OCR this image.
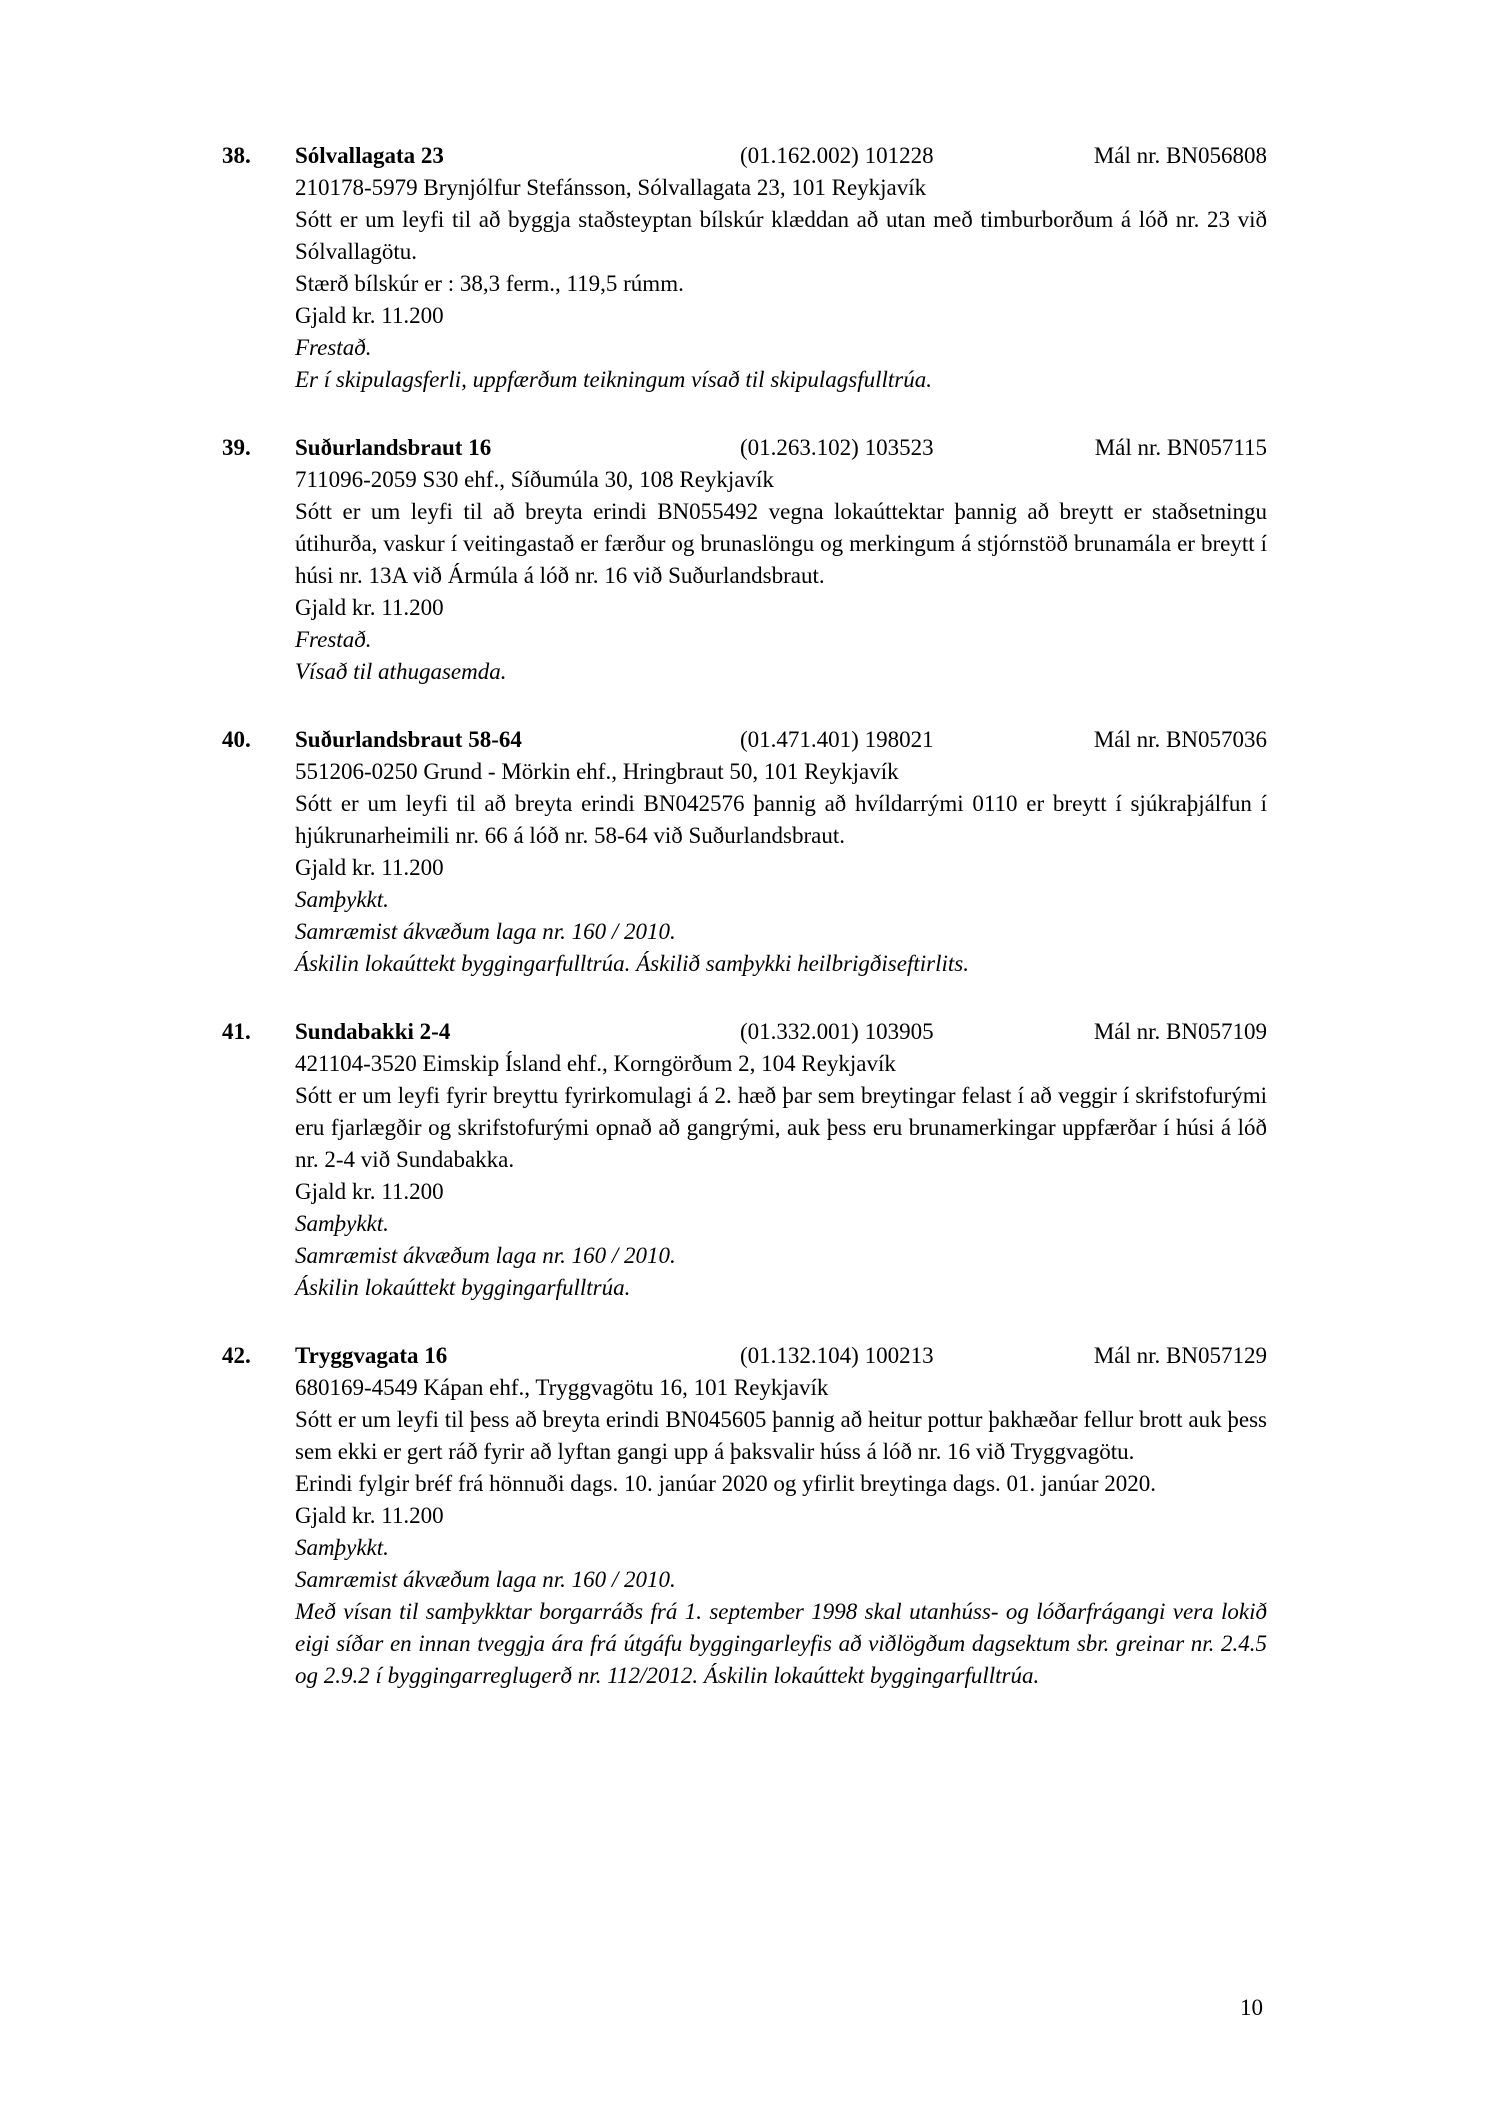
38.	Sólvallagata 23	(01.162.002) 101228	Mál nr. BN056808

210178-5979 Brynjólfur Stefánsson, Sólvallagata 23, 101 Reykjavík

Sótt er um leyfi til að byggja staðsteyptan bílskúr klæddan að utan með timburborðum á lóð nr. 23 við Sólvallagötu.

Stærð bílskúr er : 38,3 ferm., 119,5 rúmm.

Gjald kr. 11.200

Frestað.

Er í skipulagsferli, uppfærðum teikningum vísað til skipulagsfulltrúa.

39.	Suðurlandsbraut 16	(01.263.102) 103523	Mál nr. BN057115

711096-2059 S30 ehf., Síðumúla 30, 108 Reykjavík

Sótt er um leyfi til að breyta erindi BN055492 vegna lokaúttektar þannig að breytt er staðsetningu útihurða, vaskur í veitingastað er færður og brunaslöngu og merkingum á stjórnstöð brunamála er breytt í húsi nr. 13A við Ármúla á lóð nr. 16 við Suðurlandsbraut.

Gjald kr. 11.200

Frestað.

Vísað til athugasemda.

40.	Suðurlandsbraut 58-64	(01.471.401) 198021	Mál nr. BN057036

551206-0250 Grund - Mörkin ehf., Hringbraut 50, 101 Reykjavík

Sótt er um leyfi til að breyta erindi BN042576 þannig að hvíldarrými 0110 er breytt í sjúkraþjálfun í hjúkrunarheimili nr. 66 á lóð nr. 58-64 við Suðurlandsbraut.

Gjald kr. 11.200

Samþykkt.

Samræmist ákvæðum laga nr. 160 / 2010.

Áskilin lokaúttekt byggingarfulltrúa. Áskilið samþykki heilbrigðiseftirlits.

41.	Sundabakki 2-4	(01.332.001) 103905	Mál nr. BN057109

421104-3520 Eimskip Ísland ehf., Korngörðum 2, 104 Reykjavík

Sótt er um leyfi fyrir breyttu fyrirkomulagi á 2. hæð þar sem breytingar felast í að veggir í skrifstofurými eru fjarlægðir og skrifstofurými opnað að gangrými, auk þess eru brunamerkingar uppfærðar í húsi á lóð nr. 2-4 við Sundabakka.

Gjald kr. 11.200

Samþykkt.

Samræmist ákvæðum laga nr. 160 / 2010.

Áskilin lokaúttekt byggingarfulltrúa.

42.	Tryggvagata 16	(01.132.104) 100213	Mál nr. BN057129

680169-4549 Kápan ehf., Tryggvagötu 16, 101 Reykjavík

Sótt er um leyfi til þess að breyta erindi BN045605 þannig að heitur pottur þakhæðar fellur brott auk þess sem ekki er gert ráð fyrir að lyftan gangi upp á þaksvalir húss á lóð nr. 16 við Tryggvagötu.

Erindi fylgir bréf frá hönnuði dags. 10. janúar 2020 og yfirlit breytinga dags. 01. janúar 2020.

Gjald kr. 11.200

Samþykkt.

Samræmist ákvæðum laga nr. 160 / 2010.

Með vísan til samþykktar borgarráðs frá 1. september 1998 skal utanhúss- og lóðarfrágangi vera lokið eigi síðar en innan tveggja ára frá útgáfu byggingarleyfis að viðlögðum dagsektum sbr. greinar nr. 2.4.5 og 2.9.2 í byggingarreglugerð nr. 112/2012. Áskilin lokaúttekt byggingarfulltrúa.

10
